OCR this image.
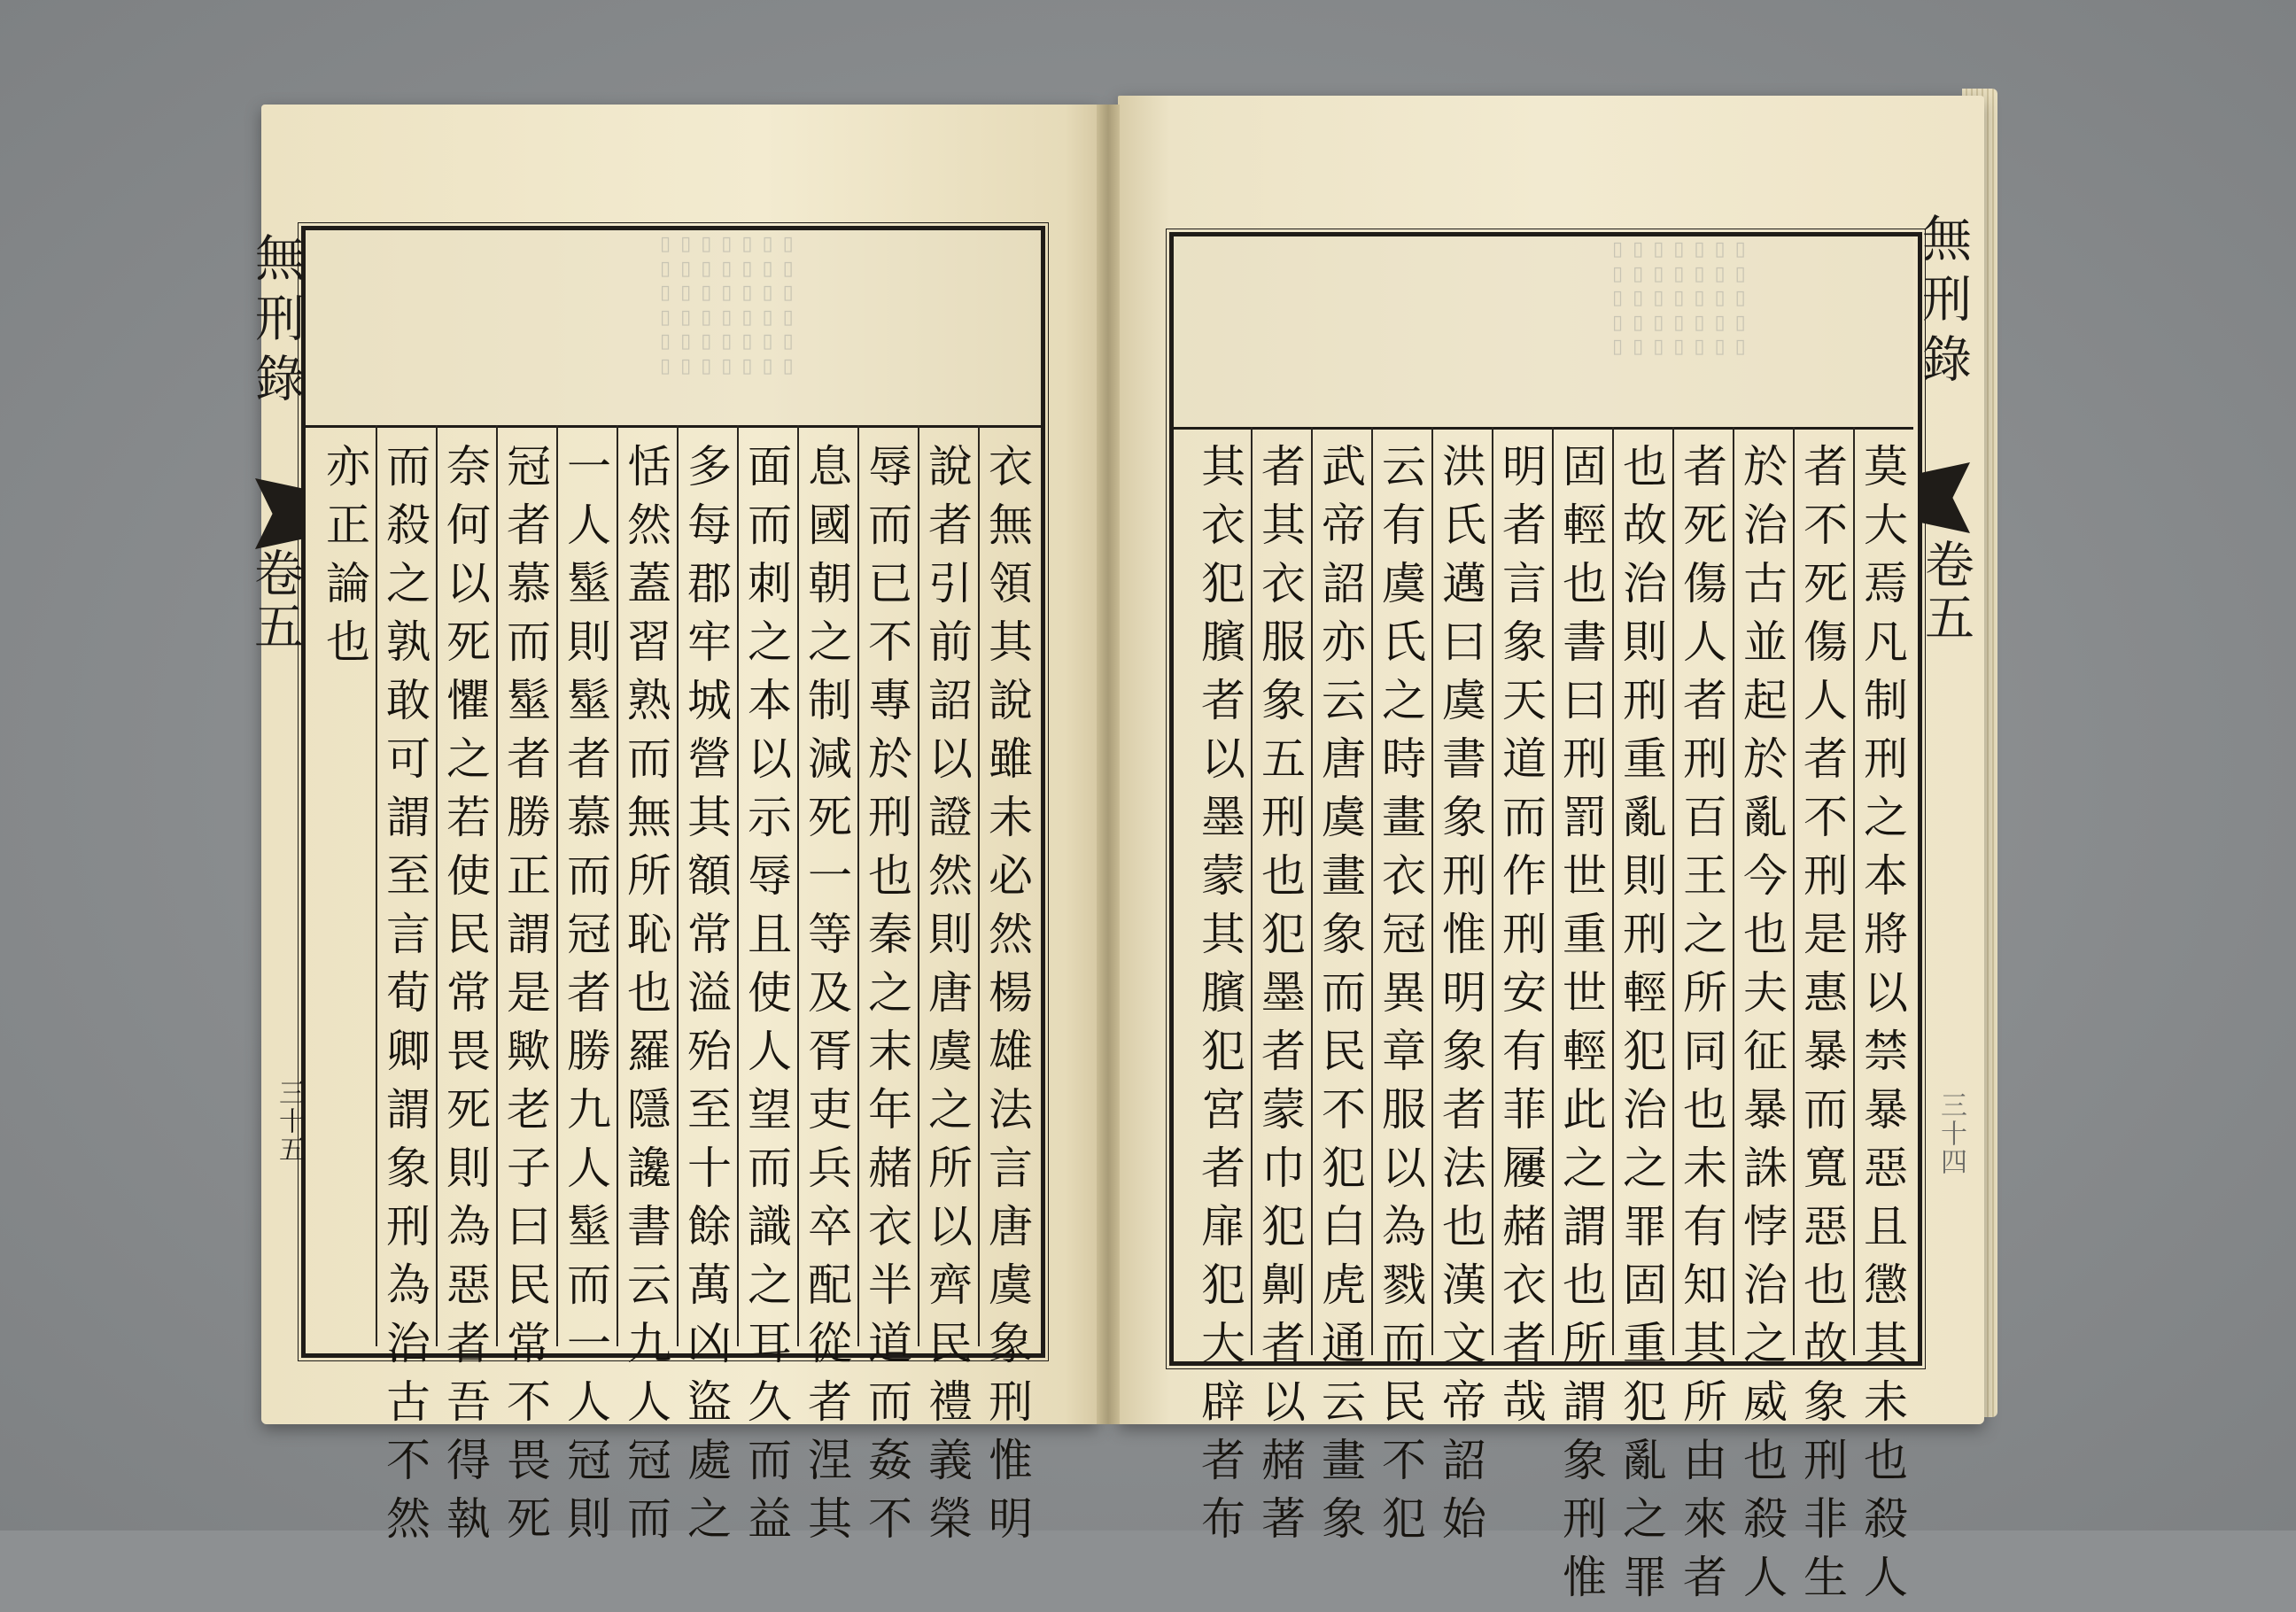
▯ ▯ ▯ ▯ ▯ ▯ ▯
▯ ▯ ▯ ▯ ▯ ▯ ▯
▯ ▯ ▯ ▯ ▯ ▯ ▯
▯ ▯ ▯ ▯ ▯ ▯ ▯
▯ ▯ ▯ ▯ ▯ ▯ ▯
▯ ▯ ▯ ▯ ▯ ▯ ▯
▯ ▯ ▯ ▯ ▯ ▯ ▯
▯ ▯ ▯ ▯ ▯ ▯ ▯
▯ ▯ ▯ ▯ ▯ ▯ ▯
▯ ▯ ▯ ▯ ▯ ▯ ▯
▯ ▯ ▯ ▯ ▯ ▯ ▯
無刑錄
卷五
三十五
無刑錄
卷五
三十四
衣無領其說雖未必然楊雄法言唐虞象刑惟明
說者引前詔以證然則唐虞之所以齊民禮義榮
辱而已不專於刑也秦之末年赭衣半道而姦不
息國朝之制減死一等及胥吏兵卒配從者涅其
面而刺之本以示辱且使人望而識之耳久而益
多每郡牢城營其額常溢殆至十餘萬凶盜處之
恬然蓋習熟而無所恥也羅隱讒書云九人冠而
一人髽則髽者慕而冠者勝九人髽而一人冠則
冠者慕而髽者勝正謂是歟老子曰民常不畏死
奈何以死懼之若使民常畏死則為惡者吾得執
而殺之孰敢可謂至言荀卿謂象刑為治古不然
亦正論也	莫大焉凡制刑之本將以禁暴惡且懲其未也殺人
者不死傷人者不刑是惠暴而寬惡也故象刑非生
於治古並起於亂今也夫征暴誅悖治之威也殺人
者死傷人者刑百王之所同也未有知其所由來者
也故治則刑重亂則刑輕犯治之罪固重犯亂之罪
固輕也書曰刑罰世重世輕此之謂也所謂象刑惟
明者言象天道而作刑安有菲屨赭衣者哉
洪氏邁曰虞書象刑惟明象者法也漢文帝詔始
云有虞氏之時畫衣冠異章服以為戮而民不犯
武帝詔亦云唐虞畫象而民不犯白虎通云畫象
者其衣服象五刑也犯墨者蒙巾犯劓者以赭著
其衣犯臏者以墨蒙其臏犯宮者扉犯大辟者布
